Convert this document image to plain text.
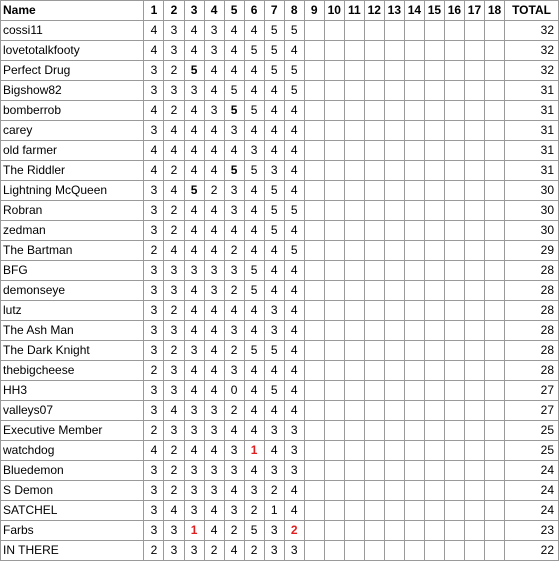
Name	1	2	3	4	5	6	7	8	9	10	11	12	13	14	15	16	17	18	TOTAL
cossi11	4	3	4	3	4	4	5	5											32
lovetotalkfooty	4	3	4	3	4	5	5	4											32
Perfect Drug	3	2	5	4	4	4	5	5											32
Bigshow82	3	3	3	4	5	4	4	5											31
bomberrob	4	2	4	3	5	5	4	4											31
carey	3	4	4	4	3	4	4	4											31
old farmer	4	4	4	4	4	3	4	4											31
The Riddler	4	2	4	4	5	5	3	4											31
Lightning McQueen	3	4	5	2	3	4	5	4											30
Robran	3	2	4	4	3	4	5	5											30
zedman	3	2	4	4	4	4	5	4											30
The Bartman	2	4	4	4	2	4	4	5											29
BFG	3	3	3	3	3	5	4	4											28
demonseye	3	3	4	3	2	5	4	4											28
lutz	3	2	4	4	4	4	3	4											28
The Ash Man	3	3	4	4	3	4	3	4											28
The Dark Knight	3	2	3	4	2	5	5	4											28
thebigcheese	2	3	4	4	3	4	4	4											28
HH3	3	3	4	4	0	4	5	4											27
valleys07	3	4	3	3	2	4	4	4											27
Executive Member	2	3	3	3	4	4	3	3											25
watchdog	4	2	4	4	3	1	4	3											25
Bluedemon	3	2	3	3	3	4	3	3											24
S Demon	3	2	3	3	4	3	2	4											24
SATCHEL	3	4	3	4	3	2	1	4											24
Farbs	3	3	1	4	2	5	3	2											23
IN THERE	2	3	3	2	4	2	3	3											22
